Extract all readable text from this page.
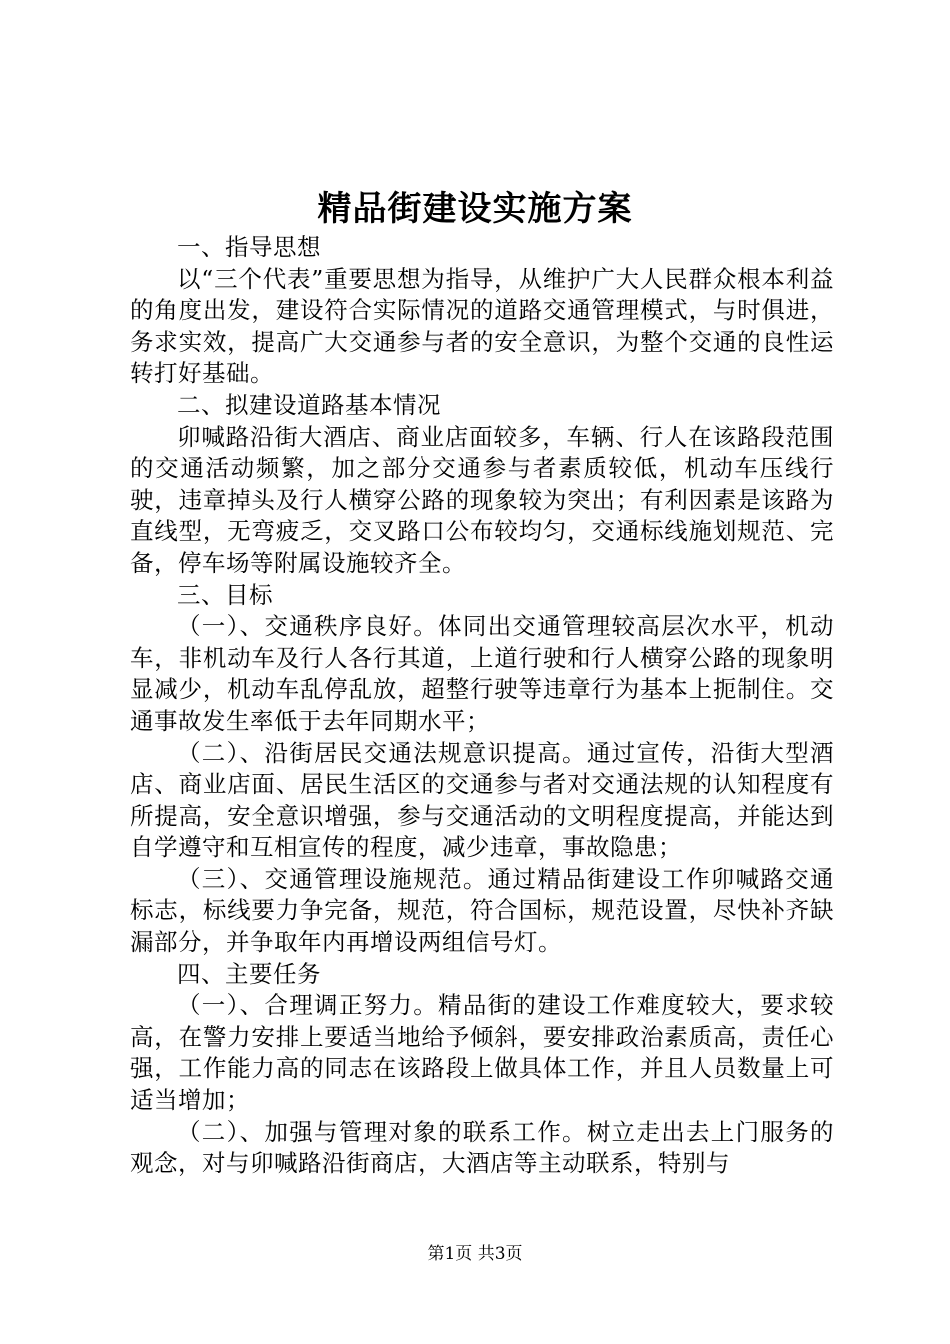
精品街建设实施方案

一、指导思想

以“三个代表”重要思想为指导，从维护广大人民群众根本利益的角度出发，建设符合实际情况的道路交通管理模式，与时俱进，务求实效，提高广大交通参与者的安全意识，为整个交通的良性运转打好基础。

二、拟建设道路基本情况

卯喊路沿街大酒店、商业店面较多，车辆、行人在该路段范围的交通活动频繁，加之部分交通参与者素质较低，机动车压线行驶，违章掉头及行人横穿公路的现象较为突出；有利因素是该路为直线型，无弯疲乏，交叉路口公布较均匀，交通标线施划规范、完备，停车场等附属设施较齐全。

三、目标

（一）、交通秩序良好。体同出交通管理较高层次水平，机动车，非机动车及行人各行其道，上道行驶和行人横穿公路的现象明显减少，机动车乱停乱放，超整行驶等违章行为基本上扼制住。交通事故发生率低于去年同期水平；

（二）、沿街居民交通法规意识提高。通过宣传，沿街大型酒店、商业店面、居民生活区的交通参与者对交通法规的认知程度有所提高，安全意识增强，参与交通活动的文明程度提高，并能达到自学遵守和互相宣传的程度，减少违章，事故隐患；

（三）、交通管理设施规范。通过精品街建设工作卯喊路交通标志，标线要力争完备，规范，符合国标，规范设置，尽快补齐缺漏部分，并争取年内再增设两组信号灯。

四、主要任务

（一）、合理调正努力。精品街的建设工作难度较大，要求较高，在警力安排上要适当地给予倾斜，要安排政治素质高，责任心强，工作能力高的同志在该路段上做具体工作，并且人员数量上可适当增加；

（二）、加强与管理对象的联系工作。树立走出去上门服务的观念，对与卯喊路沿街商店，大酒店等主动联系，特别与

第1页 共3页
